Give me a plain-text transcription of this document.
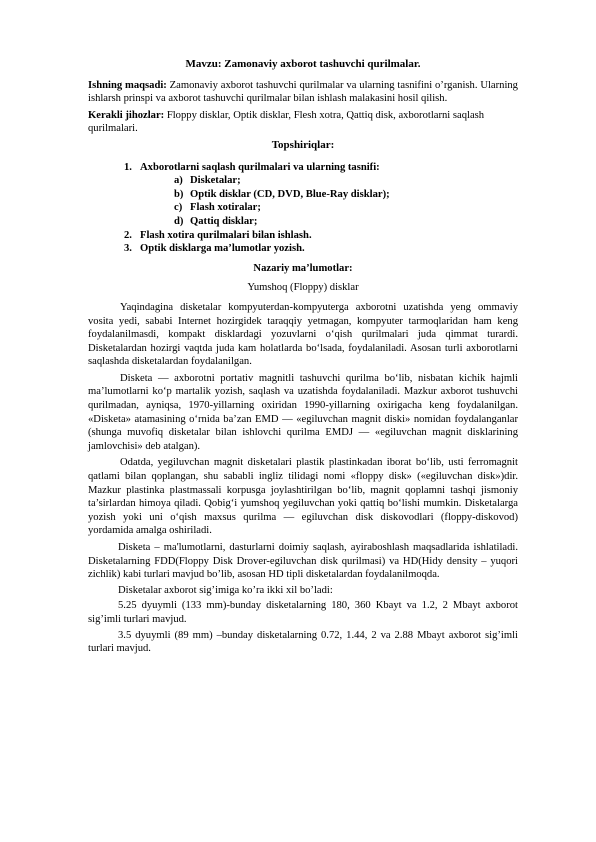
Mavzu: Zamonaviy axborot tashuvchi qurilmalar.

Ishning maqsadi: Zamonaviy axborot tashuvchi qurilmalar va ularning tasnifini o’rganish. Ularning ishlarsh prinspi va axborot tashuvchi qurilmalar bilan ishlash malakasini hosil qilish.

Kerakli jihozlar: Floppy disklar, Optik disklar, Flesh xotra, Qattiq disk, axborotlarni saqlash qurilmalari.

Topshiriqlar:

1. Axborotlarni saqlash qurilmalari va ularning tasnifi:
a) Disketalar;
b) Optik disklar (CD, DVD, Blue-Ray disklar);
c) Flash xotiralar;
d) Qattiq disklar;
2. Flash xotira qurilmalari bilan ishlash.
3. Optik disklarga ma’lumotlar yozish.

Nazariy ma’lumotlar:

Yumshoq (Floppy) disklar

Yaqindagina disketalar kompyuterdan-kompyuterga axborotni uzatishda yeng ommaviy vosita yedi, sababi Internet hozirgidek taraqqiy yetmagan, kompyuter tarmoqlaridan ham keng foydalanilmasdi, kompakt disklardagi yozuvlarni o‘qish qurilmalari juda qimmat turardi. Disketalardan hozirgi vaqtda juda kam holatlarda bo‘lsada, foydalaniladi. Asosan turli axborotlarni saqlashda disketalardan foydalanilgan.

Disketa — axborotni portativ magnitli tashuvchi qurilma bo‘lib, nisbatan kichik hajmli ma’lumotlarni ko‘p martalik yozish, saqlash va uzatishda foydalaniladi. Mazkur axborot tushuvchi qurilmadan, ayniqsa, 1970-yillarning oxiridan 1990-yillarning oxirigacha keng foydalanilgan. «Disketa» atamasining o‘rnida ba’zan EMD — «egiluvchan magnit diski» nomidan foydalanganlar (shunga muvofiq disketalar bilan ishlovchi qurilma EMDJ — «egiluvchan magnit disklarining jamlovchisi» deb atalgan).

Odatda, yegiluvchan magnit disketalari plastik plastinkadan iborat bo‘lib, usti ferromagnit qatlami bilan qoplangan, shu sababli ingliz tilidagi nomi «floppy disk» («egiluvchan disk»)dir. Mazkur plastinka plastmassali korpusga joylashtirilgan bo‘lib, magnit qoplamni tashqi jismoniy ta’sirlardan himoya qiladi. Qobig‘i yumshoq yegiluvchan yoki qattiq bo‘lishi mumkin. Disketalarga yozish yoki uni o‘qish maxsus qurilma — egiluvchan disk diskovodlari (floppy-diskovod) yordamida amalga oshiriladi.

Disketa – ma'lumotlarni, dasturlarni doimiy saqlash, ayiraboshlash maqsadlarida ishlatiladi. Disketalarning FDD(Floppy Disk Drover-egiluvchan disk qurilmasi) va HD(Hidy density – yuqori zichlik) kabi turlari mavjud bo’lib, asosan HD tipli disketalardan foydalanilmoqda.

Disketalar axborot sig’imiga ko’ra ikki xil bo’ladi:

5.25 dyuymli (133 mm)-bunday disketalarning 180, 360 Kbayt va 1.2, 2 Mbayt axborot sig’imli turlari mavjud.

3.5 dyuymli (89 mm) –bunday disketalarning 0.72, 1.44, 2 va 2.88 Mbayt axborot sig’imli turlari mavjud.
